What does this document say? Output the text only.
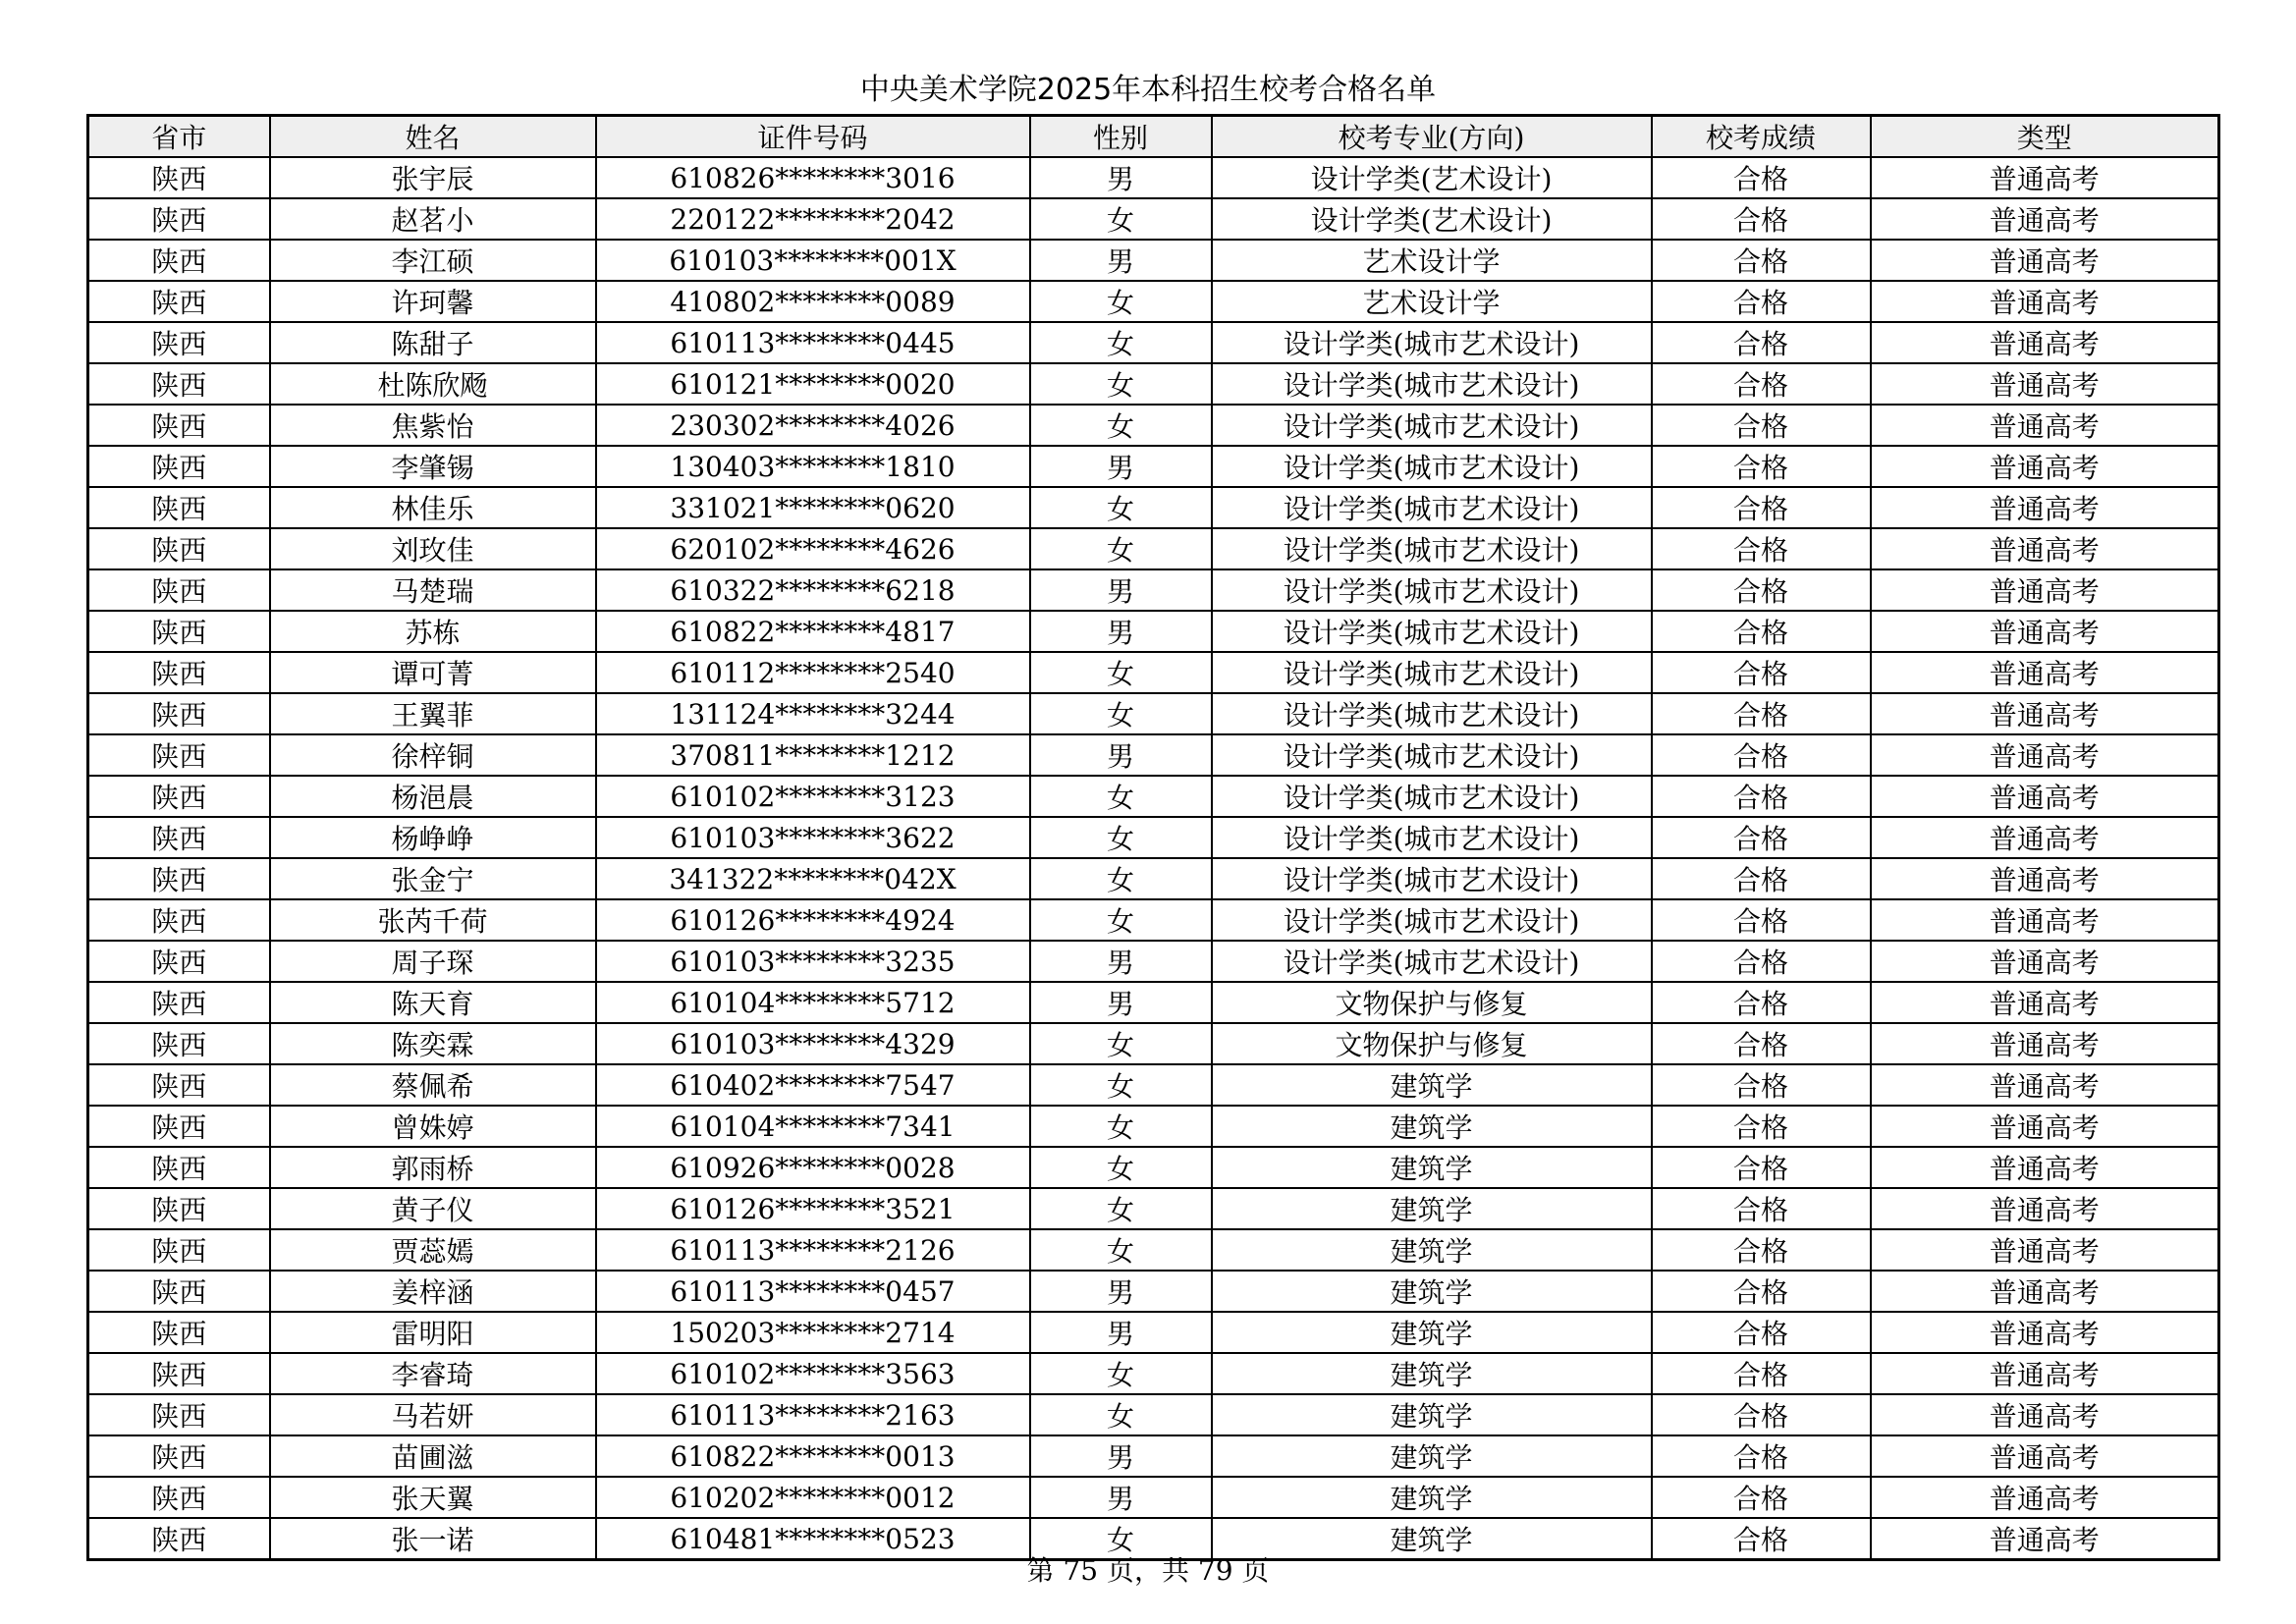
中央美术学院2025年本科招生校考合格名单
省市	姓名	证件号码	性别	校考专业(方向)	校考成绩	类型
陕西	张宇辰	610826********3016	男	设计学类(艺术设计)	合格	普通高考
陕西	赵茗小	220122********2042	女	设计学类(艺术设计)	合格	普通高考
陕西	李江硕	610103********001X	男	艺术设计学	合格	普通高考
陕西	许珂馨	410802********0089	女	艺术设计学	合格	普通高考
陕西	陈甜子	610113********0445	女	设计学类(城市艺术设计)	合格	普通高考
陕西	杜陈欣飏	610121********0020	女	设计学类(城市艺术设计)	合格	普通高考
陕西	焦紫怡	230302********4026	女	设计学类(城市艺术设计)	合格	普通高考
陕西	李肇锡	130403********1810	男	设计学类(城市艺术设计)	合格	普通高考
陕西	林佳乐	331021********0620	女	设计学类(城市艺术设计)	合格	普通高考
陕西	刘玫佳	620102********4626	女	设计学类(城市艺术设计)	合格	普通高考
陕西	马楚瑞	610322********6218	男	设计学类(城市艺术设计)	合格	普通高考
陕西	苏栋	610822********4817	男	设计学类(城市艺术设计)	合格	普通高考
陕西	谭可菁	610112********2540	女	设计学类(城市艺术设计)	合格	普通高考
陕西	王翼菲	131124********3244	女	设计学类(城市艺术设计)	合格	普通高考
陕西	徐梓铜	370811********1212	男	设计学类(城市艺术设计)	合格	普通高考
陕西	杨浥晨	610102********3123	女	设计学类(城市艺术设计)	合格	普通高考
陕西	杨峥峥	610103********3622	女	设计学类(城市艺术设计)	合格	普通高考
陕西	张金宁	341322********042X	女	设计学类(城市艺术设计)	合格	普通高考
陕西	张芮千荷	610126********4924	女	设计学类(城市艺术设计)	合格	普通高考
陕西	周子琛	610103********3235	男	设计学类(城市艺术设计)	合格	普通高考
陕西	陈天育	610104********5712	男	文物保护与修复	合格	普通高考
陕西	陈奕霖	610103********4329	女	文物保护与修复	合格	普通高考
陕西	蔡佩希	610402********7547	女	建筑学	合格	普通高考
陕西	曾姝婷	610104********7341	女	建筑学	合格	普通高考
陕西	郭雨桥	610926********0028	女	建筑学	合格	普通高考
陕西	黄子仪	610126********3521	女	建筑学	合格	普通高考
陕西	贾蕊嫣	610113********2126	女	建筑学	合格	普通高考
陕西	姜梓涵	610113********0457	男	建筑学	合格	普通高考
陕西	雷明阳	150203********2714	男	建筑学	合格	普通高考
陕西	李睿琦	610102********3563	女	建筑学	合格	普通高考
陕西	马若妍	610113********2163	女	建筑学	合格	普通高考
陕西	苗圃滋	610822********0013	男	建筑学	合格	普通高考
陕西	张天翼	610202********0012	男	建筑学	合格	普通高考
陕西	张一诺	610481********0523	女	建筑学	合格	普通高考
第 75 页，共 79 页
